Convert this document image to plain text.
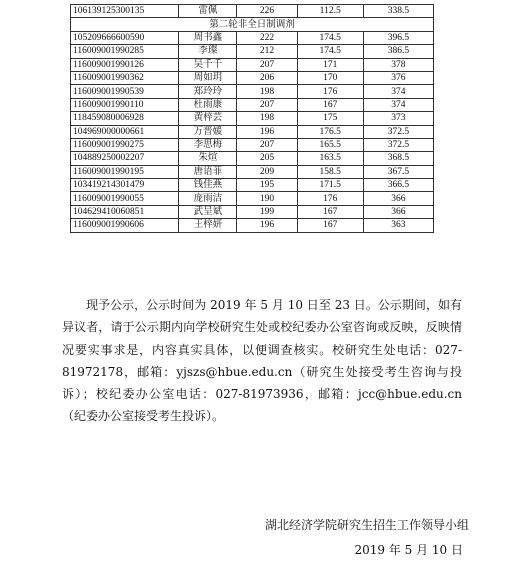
106139125300135	雷佩	226	112.5	338.5
第二轮非全日制调剂				
105209666600590	周书鑫	222	174.5	396.5
116009001990285	李璨	212	174.5	386.5
116009001990126	吴千千	207	171	378
116009001990362	周如玥	206	170	376
116009001990539	郑玲玲	198	176	374
116009001990110	杜雨康	207	167	374
118459080006928	黄梓芸	198	175	373
104969000000661	万晋媛	196	176.5	372.5
116009001990275	李思梅	207	165.5	372.5
104889250002207	朱煊	205	163.5	368.5
116009001990195	唐语菲	209	158.5	367.5
103419214301479	钱佳燕	195	171.5	366.5
116009001990055	庞雨洁	190	176	366
104629410060851	武呈斌	199	167	366
116009001990606	王梓妍	196	167	363

现予公示，公示时间为 2019 年 5 月 10 日至 23 日。公示期间，如有异议者，请于公示期内向学校研究生处或校纪委办公室咨询或反映，反映情况要实事求是，内容真实具体，以便调查核实。校研究生处电话：027-81972178，邮箱：yjszs@hbue.edu.cn（研究生处接受考生咨询与投诉）；校纪委办公室电话：027-81973936，邮箱：jcc@hbue.edu.cn（纪委办公室接受考生投诉）。

湖北经济学院研究生招生工作领导小组
2019 年 5 月 10 日
